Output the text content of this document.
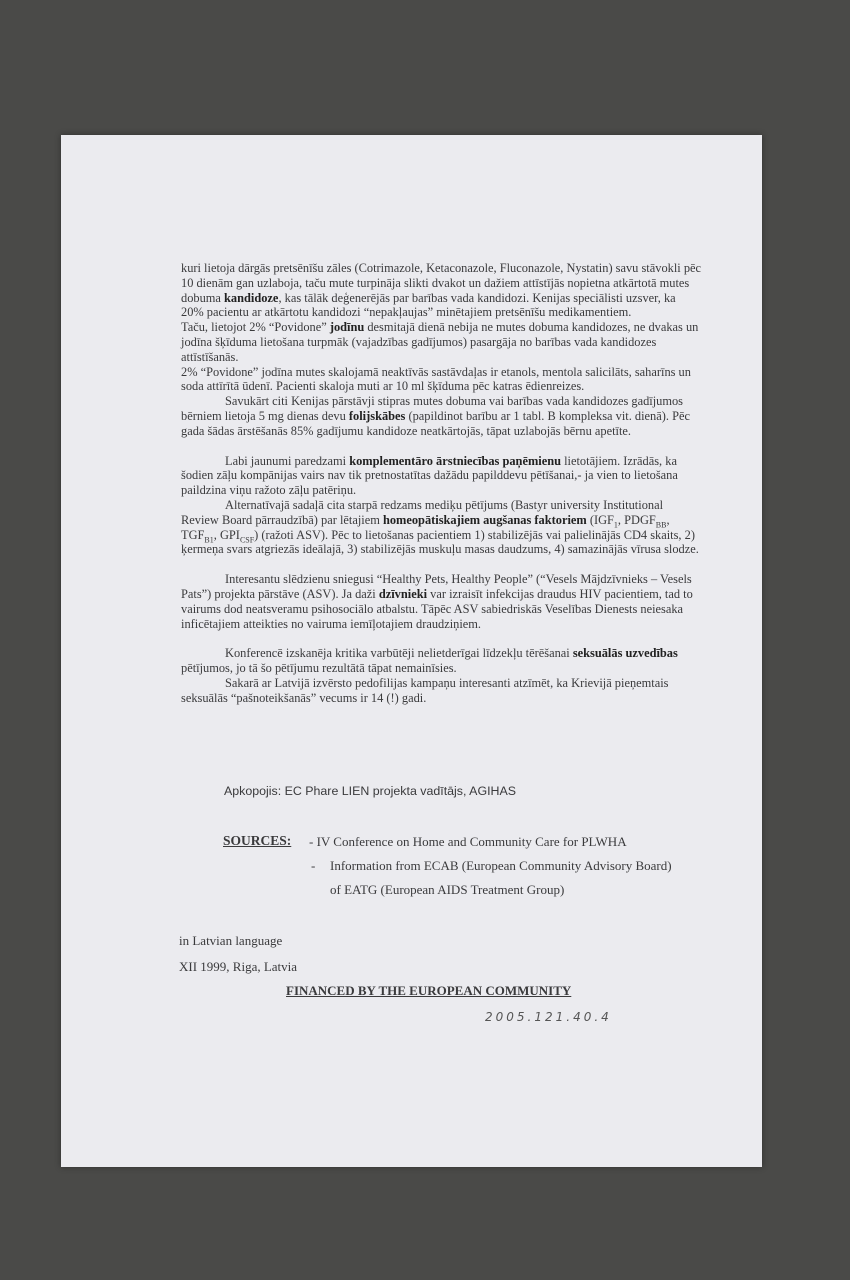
kuri lietoja dārgās pretsēnīšu zāles (Cotrimazole, Ketaconazole, Fluconazole, Nystatin) savu stāvokli pēc 10 dienām gan uzlaboja, taču mute turpināja slikti dvakot un dažiem attīstījās nopietna atkārtotā mutes dobuma kandidoze, kas tālāk deģenerējās par barības vada kandidozi. Kenijas speciālisti uzsver, ka 20% pacientu ar atkārtotu kandidozi “nepakļaujas” minētajiem pretsēnīšu medikamentiem.

Taču, lietojot 2% “Povidone” jodīnu desmitajā dienā nebija ne mutes dobuma kandidozes, ne dvakas un jodīna šķīduma lietošana turpmāk (vajadzības gadījumos) pasargāja no barības vada kandidozes attīstīšanās.

2% “Povidone” jodīna mutes skalojamā neaktīvās sastāvdaļas ir etanols, mentola salicilāts, saharīns un soda attīrītā ūdenī. Pacienti skaloja muti ar 10 ml šķīduma pēc katras ēdienreizes.

Savukārt citi Kenijas pārstāvji stipras mutes dobuma vai barības vada kandidozes gadījumos bērniem lietoja 5 mg dienas devu folijskābes (papildinot barību ar 1 tabl. B kompleksa vit. dienā). Pēc gada šādas ārstēšanās 85% gadījumu kandidoze neatkārtojās, tāpat uzlabojās bērnu apetīte.

Labi jaunumi paredzami komplementāro ārstniecības paņēmienu lietotājiem. Izrādās, ka šodien zāļu kompānijas vairs nav tik pretnostatītas dažādu papilddevu pētīšanai,- ja vien to lietošana paildzina viņu ražoto zāļu patēriņu.

Alternatīvajā sadaļā cita starpā redzams mediķu pētījums (Bastyr university Institutional Review Board pārraudzībā) par lētajiem homeopātiskajiem augšanas faktoriem ($IGF_1$, $PDGF_{BB}$, $TGF_{B1}$, $GPI_{CSF}$) (ražoti ASV). Pēc to lietošanas pacientiem 1) stabilizējās vai palielinājās CD4 skaits, 2) ķermeņa svars atgriezās ideālajā, 3) stabilizējās muskuļu masas daudzums, 4) samazinājās vīrusa slodze.

Interesantu slēdzienu sniegusi “Healthy Pets, Healthy People” (“Vesels Mājdzīvnieks – Vesels Pats”) projekta pārstāve (ASV). Ja daži dzīvnieki var izraisīt infekcijas draudus HIV pacientiem, tad to vairums dod neatsveramu psihosociālo atbalstu. Tāpēc ASV sabiedriskās Veselības Dienests neiesaka inficētajiem atteikties no vairuma iemīļotajiem draudziņiem.

Konferencē izskanēja kritika varbūtēji nelietderīgai līdzekļu tērēšanai seksuālās uzvedības pētījumos, jo tā šo pētījumu rezultātā tāpat nemainīsies.

Sakarā ar Latvijā izvērsto pedofilijas kampaņu interesanti atzīmēt, ka Krievijā pieņemtais seksuālās “pašnoteikšanās” vecums ir 14 (!) gadi.

Apkopojis: EC Phare LIEN projekta vadītājs, AGIHAS
SOURCES: - IV Conference on Home and Community Care for PLWHA
- Information from ECAB (European Community Advisory Board)
of EATG (European AIDS Treatment Group)
in Latvian language
XII 1999, Riga, Latvia
FINANCED BY THE EUROPEAN COMMUNITY
2005.121.40.4
